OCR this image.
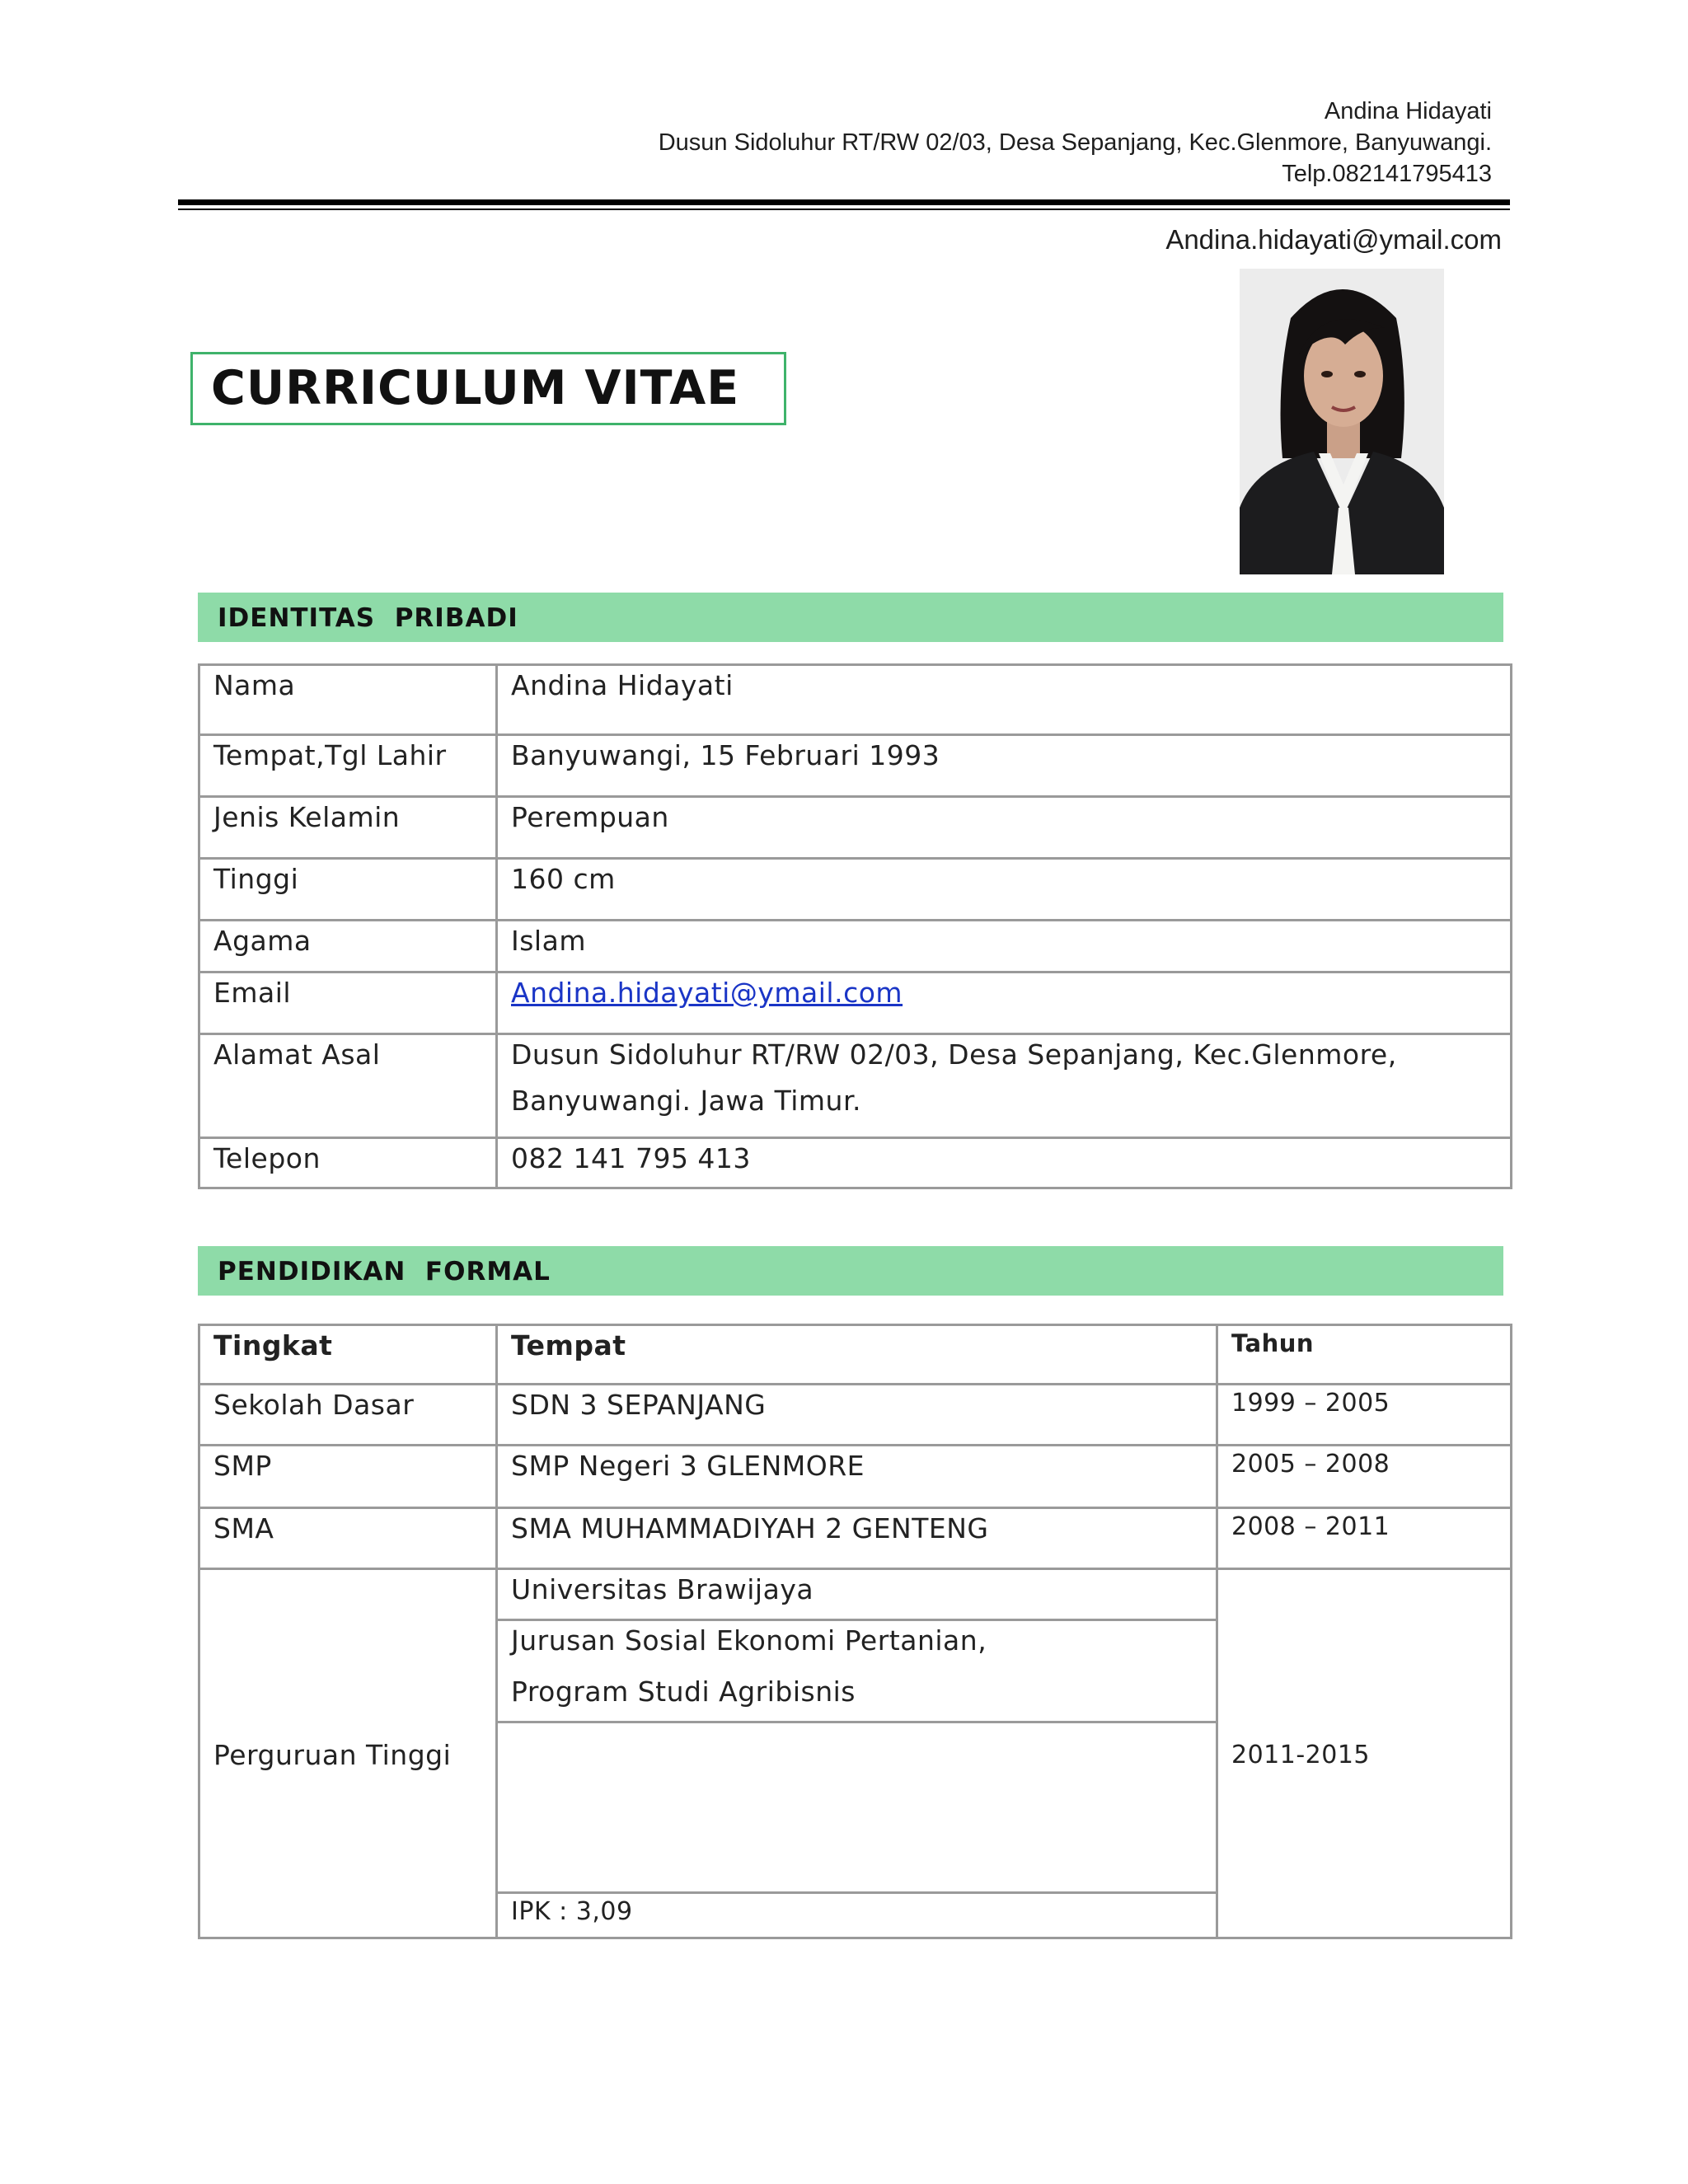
Andina Hidayati
Dusun Sidoluhur RT/RW 02/03, Desa Sepanjang, Kec.Glenmore, Banyuwangi.
Telp.082141795413
Andina.hidayati@ymail.com
CURRICULUM VITAE
IDENTITAS  PRIBADI
Nama	Andina Hidayati
Tempat,Tgl Lahir	Banyuwangi, 15 Februari 1993
Jenis Kelamin	Perempuan
Tinggi	160 cm
Agama	Islam
Email	Andina.hidayati@ymail.com
Alamat Asal	Dusun Sidoluhur RT/RW 02/03, Desa Sepanjang, Kec.Glenmore,
Banyuwangi. Jawa Timur.

Telepon	082 141 795 413
PENDIDIKAN  FORMAL
Tingkat	Tempat	Tahun
Sekolah Dasar	SDN 3 SEPANJANG	1999 – 2005
SMP	SMP Negeri 3 GLENMORE	2005 – 2008
SMA	SMA MUHAMMADIYAH 2 GENTENG	2008 – 2011
Perguruan Tinggi	Universitas Brawijaya	2011-2015

	Jurusan Sosial Ekonomi Pertanian,
Program Studi Agribisnis	

	IPK : 3,09	
